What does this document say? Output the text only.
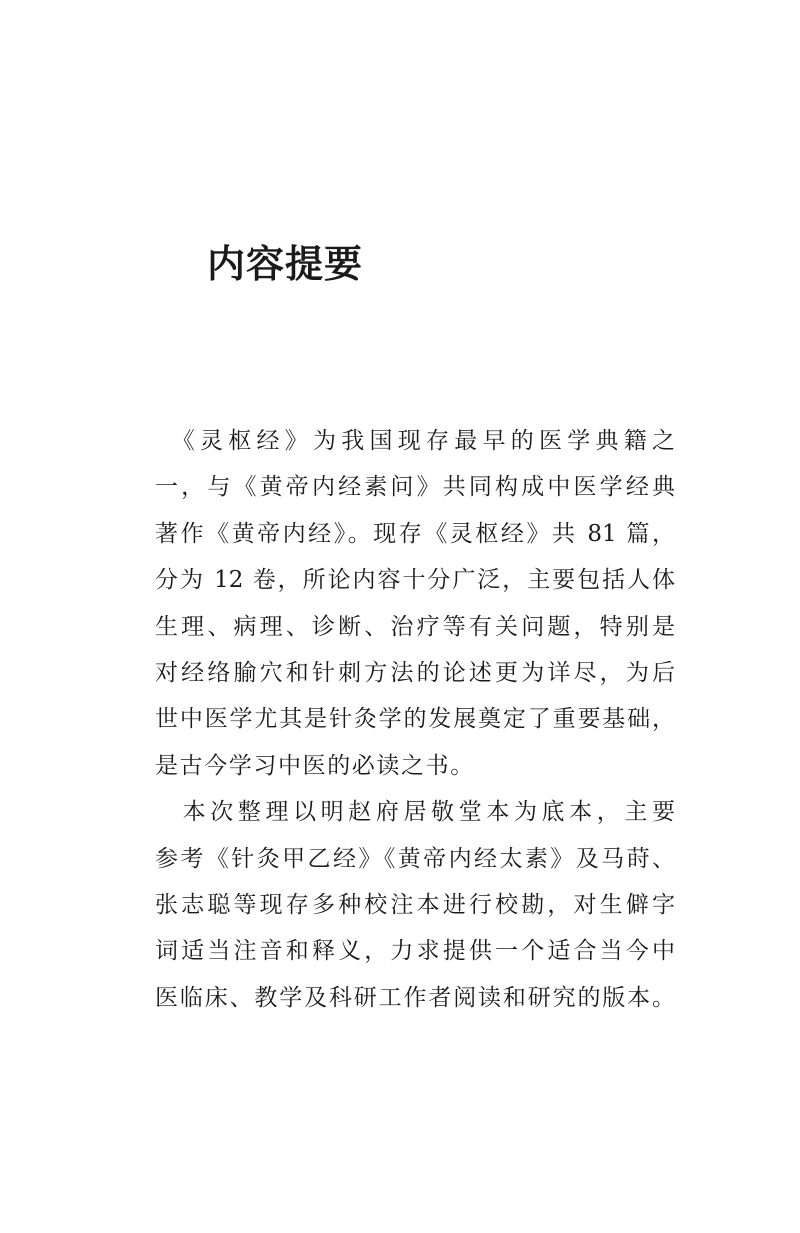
内容提要
　《灵枢经》为我国现存最早的医学典籍之
一，与《黄帝内经素问》共同构成中医学经典
著作《黄帝内经》。现存《灵枢经》共 81 篇，
分为 12 卷，所论内容十分广泛，主要包括人体
生理、病理、诊断、治疗等有关问题，特别是
对经络腧穴和针刺方法的论述更为详尽，为后
世中医学尤其是针灸学的发展奠定了重要基础，
是古今学习中医的必读之书。
　本次整理以明赵府居敬堂本为底本，主要
参考《针灸甲乙经》《黄帝内经太素》及马莳、
张志聪等现存多种校注本进行校勘，对生僻字
词适当注音和释义，力求提供一个适合当今中
医临床、教学及科研工作者阅读和研究的版本。
